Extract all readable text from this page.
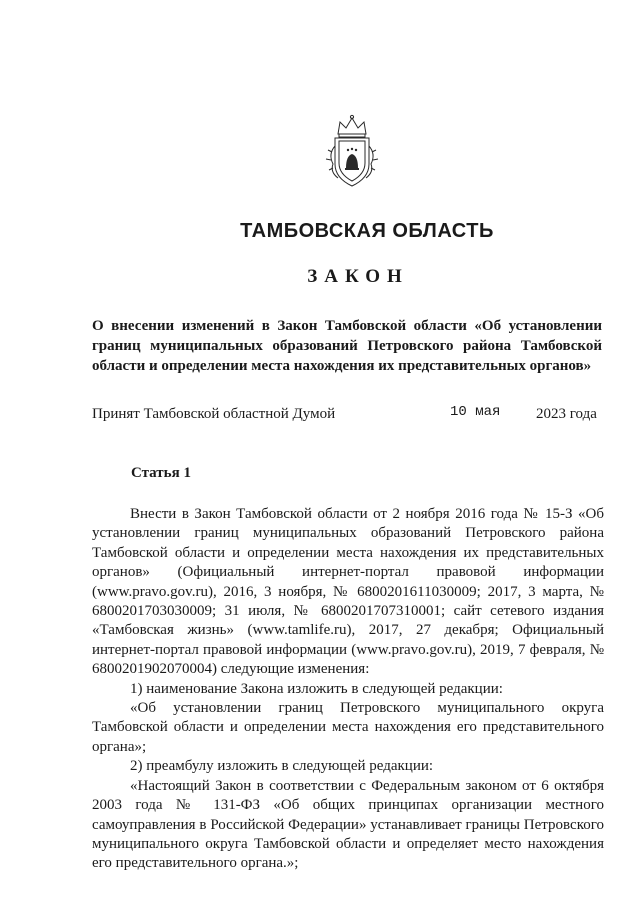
ТАМБОВСКАЯ ОБЛАСТЬ
ЗАКОН
О внесении изменений в Закон Тамбовской области «Об установлении границ муниципальных образований Петровского района Тамбовской области и определении места нахождения их представительных органов»
Принят Тамбовской областной Думой	10 мая 2023 года
Статья 1

Внести в Закон Тамбовской области от 2 ноября 2016 года № 15-З «Об установлении границ муниципальных образований Петровского района Тамбовской области и определении места нахождения их представительных органов» (Официальный интернет-портал правовой информации (www.pravo.gov.ru), 2016, 3 ноября, № 6800201611030009; 2017, 3 марта, № 6800201703030009; 31 июля, № 6800201707310001; сайт сетевого издания «Тамбовская жизнь» (www.tamlife.ru), 2017, 27 декабря; Официальный интернет-портал правовой информации (www.pravo.gov.ru), 2019, 7 февраля, № 6800201902070004) следующие изменения:

1) наименование Закона изложить в следующей редакции:

«Об установлении границ Петровского муниципального округа Тамбовской области и определении места нахождения его представительного органа»;

2) преамбулу изложить в следующей редакции:

«Настоящий Закон в соответствии с Федеральным законом от 6 октября 2003 года № 131-ФЗ «Об общих принципах организации местного самоуправления в Российской Федерации» устанавливает границы Петровского муниципального округа Тамбовской области и определяет место нахождения его представительного органа.»;
